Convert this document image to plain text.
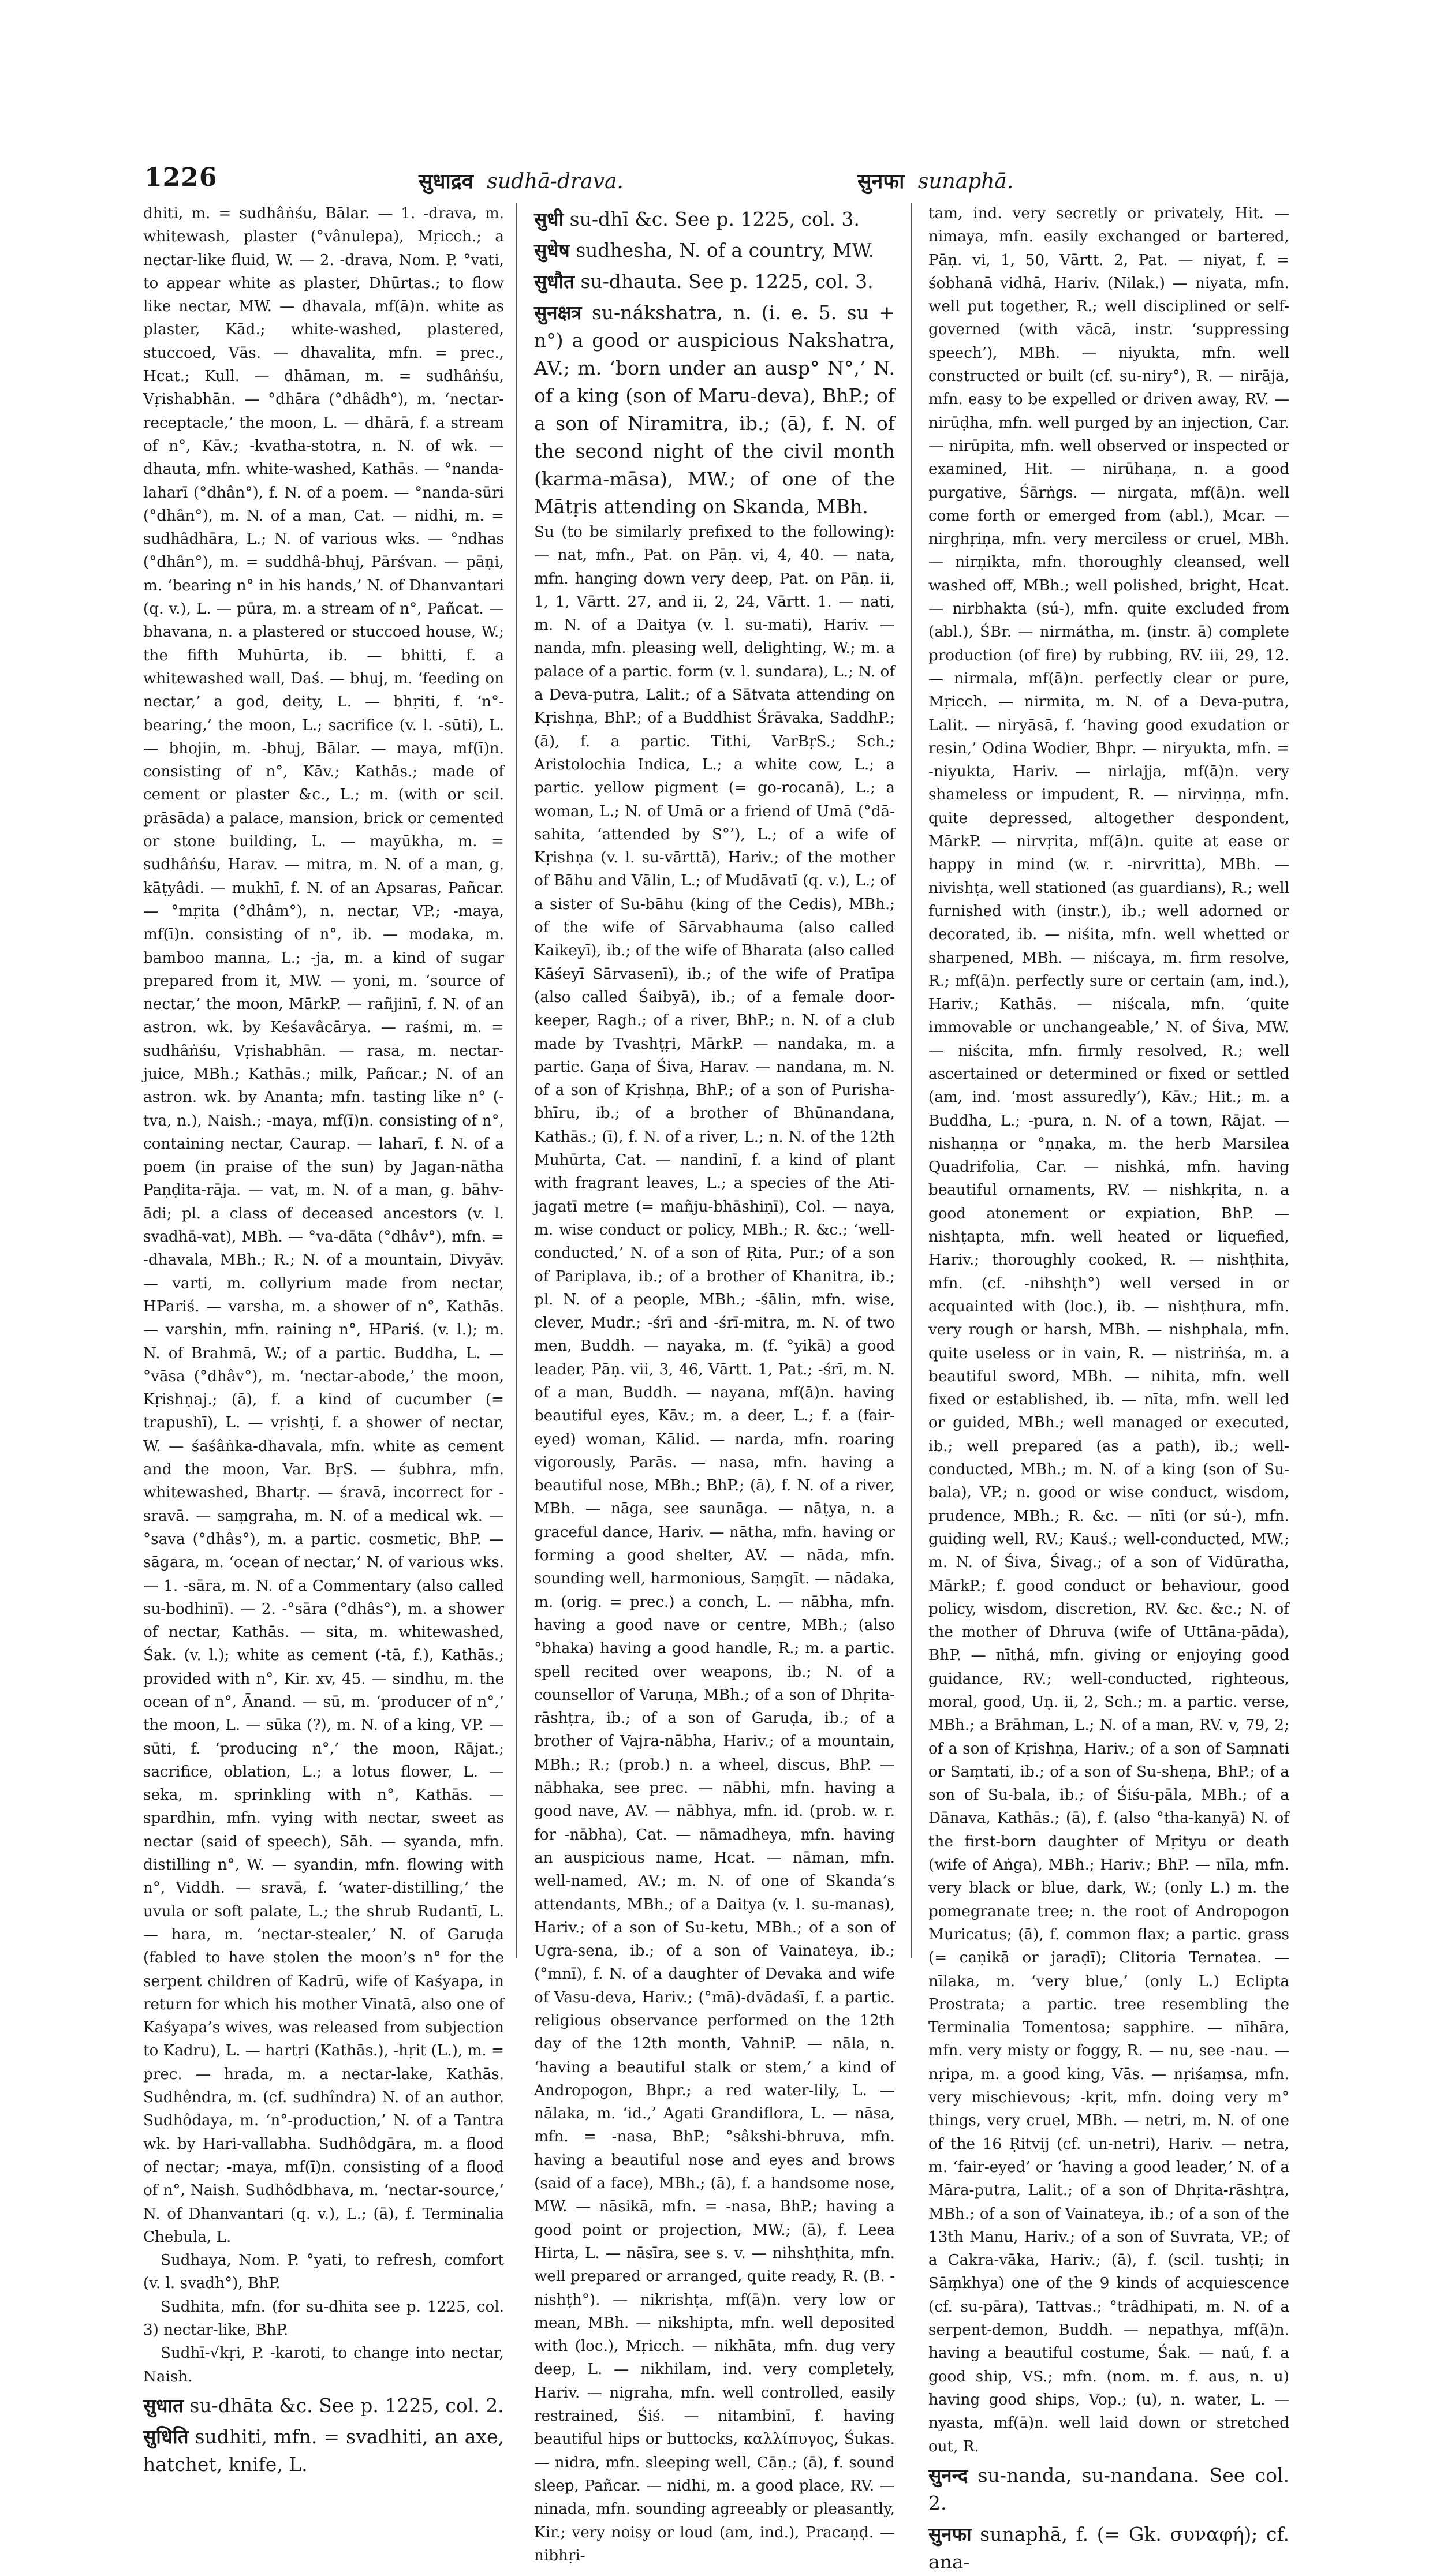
1226	सुधाद्रव sudhā-drava.	सुनफा sunaphā.

dhiti, m. = sudhâṅśu, Bālar. — 1. -drava, m. whitewash, plaster (°vânulepa), Mṛicch.; a nectar-like fluid, W. — 2. -drava, Nom. P. °vati, to appear white as plaster, Dhūrtas.; to flow like nectar, MW. — dhavala, mf(ā)n. white as plaster, Kād.; white-washed, plastered, stuccoed, Vās. — dhavalita, mfn. = prec., Hcat.; Kull. — dhāman, m. = sudhâṅśu, Vṛishabhān. — °dhāra (°dhâdh°), m. ‘nectar-receptacle,’ the moon, L. — dhārā, f. a stream of n°, Kāv.; -kvatha-stotra, n. N. of wk. — dhauta, mfn. white-washed, Kathās. — °nanda-laharī (°dhân°), f. N. of a poem. — °nanda-sūri (°dhân°), m. N. of a man, Cat. — nidhi, m. = sudhâdhāra, L.; N. of various wks. — °ndhas (°dhân°), m. = suddhâ-bhuj, Pārśvan. — pāṇi, m. ‘bearing n° in his hands,’ N. of Dhanvantari (q. v.), L. — pūra, m. a stream of n°, Pañcat. — bhavana, n. a plastered or stuccoed house, W.; the fifth Muhūrta, ib. — bhitti, f. a whitewashed wall, Daś. — bhuj, m. ‘feeding on nectar,’ a god, deity, L. — bhṛiti, f. ‘n°-bearing,’ the moon, L.; sacrifice (v. l. -sūti), L. — bhojin, m. -bhuj, Bālar. — maya, mf(ī)n. consisting of n°, Kāv.; Kathās.; made of cement or plaster &c., L.; m. (with or scil. prāsāda) a palace, mansion, brick or cemented or stone building, L. — mayūkha, m. = sudhâṅśu, Harav. — mitra, m. N. of a man, g. kāṭyâdi. — mukhī, f. N. of an Apsaras, Pañcar. — °mṛita (°dhâm°), n. nectar, VP.; -maya, mf(ī)n. consisting of n°, ib. — modaka, m. bamboo manna, L.; -ja, m. a kind of sugar prepared from it, MW. — yoni, m. ‘source of nectar,’ the moon, MārkP. — rañjinī, f. N. of an astron. wk. by Keśavâcārya. — raśmi, m. = sudhâṅśu, Vṛishabhān. — rasa, m. nectar-juice, MBh.; Kathās.; milk, Pañcar.; N. of an astron. wk. by Ananta; mfn. tasting like n° (-tva, n.), Naish.; -maya, mf(ī)n. consisting of n°, containing nectar, Caurap. — laharī, f. N. of a poem (in praise of the sun) by Jagan-nātha Paṇḍita-rāja. — vat, m. N. of a man, g. bāhv-ādi; pl. a class of deceased ancestors (v. l. svadhā-vat), MBh. — °va-dāta (°dhâv°), mfn. = -dhavala, MBh.; R.; N. of a mountain, Divyāv. — varti, m. collyrium made from nectar, HPariś. — varsha, m. a shower of n°, Kathās. — varshin, mfn. raining n°, HPariś. (v. l.); m. N. of Brahmā, W.; of a partic. Buddha, L. — °vāsa (°dhâv°), m. ‘nectar-abode,’ the moon, Kṛishṇaj.; (ā), f. a kind of cucumber (= trapushī), L. — vṛishṭi, f. a shower of nectar, W. — śaśâṅka-dhavala, mfn. white as cement and the moon, Var. BṛS. — śubhra, mfn. whitewashed, Bhartṛ. — śravā, incorrect for -sravā. — saṃgraha, m. N. of a medical wk. — °sava (°dhâs°), m. a partic. cosmetic, BhP. — sāgara, m. ‘ocean of nectar,’ N. of various wks. — 1. -sāra, m. N. of a Commentary (also called su-bodhinī). — 2. -°sāra (°dhâs°), m. a shower of nectar, Kathās. — sita, m. whitewashed, Śak. (v. l.); white as cement (-tā, f.), Kathās.; provided with n°, Kir. xv, 45. — sindhu, m. the ocean of n°, Ānand. — sū, m. ‘producer of n°,’ the moon, L. — sūka (?), m. N. of a king, VP. — sūti, f. ‘producing n°,’ the moon, Rājat.; sacrifice, oblation, L.; a lotus flower, L. — seka, m. sprinkling with n°, Kathās. — spardhin, mfn. vying with nectar, sweet as nectar (said of speech), Sāh. — syanda, mfn. distilling n°, W. — syandin, mfn. flowing with n°, Viddh. — sravā, f. ‘water-distilling,’ the uvula or soft palate, L.; the shrub Rudantī, L. — hara, m. ‘nectar-stealer,’ N. of Garuḍa (fabled to have stolen the moon’s n° for the serpent children of Kadrū, wife of Kaśyapa, in return for which his mother Vinatā, also one of Kaśyapa’s wives, was released from subjection to Kadru), L. — hartṛi (Kathās.), -hṛit (L.), m. = prec. — hrada, m. a nectar-lake, Kathās. Sudhêndra, m. (cf. sudhîndra) N. of an author. Sudhôdaya, m. ‘n°-production,’ N. of a Tantra wk. by Hari-vallabha. Sudhôdgāra, m. a flood of nectar; -maya, mf(ī)n. consisting of a flood of n°, Naish. Sudhôdbhava, m. ‘nectar-source,’ N. of Dhanvantari (q. v.), L.; (ā), f. Terminalia Chebula, L.

Sudhaya, Nom. P. °yati, to refresh, comfort (v. l. svadh°), BhP.

Sudhita, mfn. (for su-dhita see p. 1225, col. 3) nectar-like, BhP.

Sudhī-√kṛi, P. -karoti, to change into nectar, Naish.

सुधात su-dhāta &c. See p. 1225, col. 2.

सुधिति sudhiti, mfn. = svadhiti, an axe, hatchet, knife, L.

सुधी su-dhī &c. See p. 1225, col. 3.

सुधेष sudhesha, N. of a country, MW.

सुधौत su-dhauta. See p. 1225, col. 3.

सुनक्षत्र su-nákshatra, n. (i. e. 5. su + n°) a good or auspicious Nakshatra, AV.; m. ‘born under an ausp° N°,’ N. of a king (son of Maru-deva), BhP.; of a son of Niramitra, ib.; (ā), f. N. of the second night of the civil month (karma-māsa), MW.; of one of the Mātṛis attending on Skanda, MBh.

Su (to be similarly prefixed to the following): — nat, mfn., Pat. on Pāṇ. vi, 4, 40. — nata, mfn. hanging down very deep, Pat. on Pāṇ. ii, 1, 1, Vārtt. 27, and ii, 2, 24, Vārtt. 1. — nati, m. N. of a Daitya (v. l. su-mati), Hariv. — nanda, mfn. pleasing well, delighting, W.; m. a palace of a partic. form (v. l. sundara), L.; N. of a Deva-putra, Lalit.; of a Sātvata attending on Kṛishṇa, BhP.; of a Buddhist Śrāvaka, SaddhP.; (ā), f. a partic. Tithi, VarBṛS.; Sch.; Aristolochia Indica, L.; a white cow, L.; a partic. yellow pigment (= go-rocanā), L.; a woman, L.; N. of Umā or a friend of Umā (°dā-sahita, ‘attended by S°’), L.; of a wife of Kṛishṇa (v. l. su-vārttā), Hariv.; of the mother of Bāhu and Vālin, L.; of Mudāvatī (q. v.), L.; of a sister of Su-bāhu (king of the Cedis), MBh.; of the wife of Sārvabhauma (also called Kaikeyī), ib.; of the wife of Bharata (also called Kāśeyī Sārvasenī), ib.; of the wife of Pratīpa (also called Śaibyā), ib.; of a female door-keeper, Ragh.; of a river, BhP.; n. N. of a club made by Tvashṭṛi, MārkP. — nandaka, m. a partic. Gaṇa of Śiva, Harav. — nandana, m. N. of a son of Kṛishṇa, BhP.; of a son of Purisha-bhīru, ib.; of a brother of Bhūnandana, Kathās.; (ī), f. N. of a river, L.; n. N. of the 12th Muhūrta, Cat. — nandinī, f. a kind of plant with fragrant leaves, L.; a species of the Ati-jagatī metre (= mañju-bhāshiṇī), Col. — naya, m. wise conduct or policy, MBh.; R. &c.; ‘well-conducted,’ N. of a son of Ṛita, Pur.; of a son of Pariplava, ib.; of a brother of Khanitra, ib.; pl. N. of a people, MBh.; -śālin, mfn. wise, clever, Mudr.; -śrī and -śrī-mitra, m. N. of two men, Buddh. — nayaka, m. (f. °yikā) a good leader, Pāṇ. vii, 3, 46, Vārtt. 1, Pat.; -śrī, m. N. of a man, Buddh. — nayana, mf(ā)n. having beautiful eyes, Kāv.; m. a deer, L.; f. a (fair-eyed) woman, Kālid. — narda, mfn. roaring vigorously, Parās. — nasa, mfn. having a beautiful nose, MBh.; BhP.; (ā), f. N. of a river, MBh. — nāga, see saunāga. — nāṭya, n. a graceful dance, Hariv. — nātha, mfn. having or forming a good shelter, AV. — nāda, mfn. sounding well, harmonious, Saṃgīt. — nādaka, m. (orig. = prec.) a conch, L. — nābha, mfn. having a good nave or centre, MBh.; (also °bhaka) having a good handle, R.; m. a partic. spell recited over weapons, ib.; N. of a counsellor of Varuṇa, MBh.; of a son of Dhṛita-rāshṭra, ib.; of a son of Garuḍa, ib.; of a brother of Vajra-nābha, Hariv.; of a mountain, MBh.; R.; (prob.) n. a wheel, discus, BhP. — nābhaka, see prec. — nābhi, mfn. having a good nave, AV. — nābhya, mfn. id. (prob. w. r. for -nābha), Cat. — nāmadheya, mfn. having an auspicious name, Hcat. — nāman, mfn. well-named, AV.; m. N. of one of Skanda’s attendants, MBh.; of a Daitya (v. l. su-manas), Hariv.; of a son of Su-ketu, MBh.; of a son of Ugra-sena, ib.; of a son of Vainateya, ib.; (°mnī), f. N. of a daughter of Devaka and wife of Vasu-deva, Hariv.; (°mā)-dvādaśī, f. a partic. religious observance performed on the 12th day of the 12th month, VahniP. — nāla, n. ‘having a beautiful stalk or stem,’ a kind of Andropogon, Bhpr.; a red water-lily, L. — nālaka, m. ‘id.,’ Agati Grandiflora, L. — nāsa, mfn. = -nasa, BhP.; °sâkshi-bhruva, mfn. having a beautiful nose and eyes and brows (said of a face), MBh.; (ā), f. a handsome nose, MW. — nāsikā, mfn. = -nasa, BhP.; having a good point or projection, MW.; (ā), f. Leea Hirta, L. — nāsīra, see s. v. — nihshṭhita, mfn. well prepared or arranged, quite ready, R. (B. -nishṭh°). — nikrishṭa, mf(ā)n. very low or mean, MBh. — nikshipta, mfn. well deposited with (loc.), Mṛicch. — nikhāta, mfn. dug very deep, L. — nikhilam, ind. very completely, Hariv. — nigraha, mfn. well controlled, easily restrained, Śiś. — nitambinī, f. having beautiful hips or buttocks, καλλίπυγος, Śukas. — nidra, mfn. sleeping well, Cāṇ.; (ā), f. sound sleep, Pañcar. — nidhi, m. a good place, RV. — ninada, mfn. sounding agreeably or pleasantly, Kir.; very noisy or loud (am, ind.), Pracaṇḍ. — nibhṛi-

tam, ind. very secretly or privately, Hit. — nimaya, mfn. easily exchanged or bartered, Pāṇ. vi, 1, 50, Vārtt. 2, Pat. — niyat, f. = śobhanā vidhā, Hariv. (Nilak.) — niyata, mfn. well put together, R.; well disciplined or self-governed (with vācā, instr. ‘suppressing speech’), MBh. — niyukta, mfn. well constructed or built (cf. su-niry°), R. — nirāja, mfn. easy to be expelled or driven away, RV. — nirūḍha, mfn. well purged by an injection, Car. — nirūpita, mfn. well observed or inspected or examined, Hit. — nirūhaṇa, n. a good purgative, Śārṅgs. — nirgata, mf(ā)n. well come forth or emerged from (abl.), Mcar. — nirghṛiṇa, mfn. very merciless or cruel, MBh. — nirṇikta, mfn. thoroughly cleansed, well washed off, MBh.; well polished, bright, Hcat. — nirbhakta (sú-), mfn. quite excluded from (abl.), ŚBr. — nirmátha, m. (instr. ā) complete production (of fire) by rubbing, RV. iii, 29, 12. — nirmala, mf(ā)n. perfectly clear or pure, Mṛicch. — nirmita, m. N. of a Deva-putra, Lalit. — niryāsā, f. ‘having good exudation or resin,’ Odina Wodier, Bhpr. — niryukta, mfn. = -niyukta, Hariv. — nirlajja, mf(ā)n. very shameless or impudent, R. — nirviṇṇa, mfn. quite depressed, altogether despondent, MārkP. — nirvṛita, mf(ā)n. quite at ease or happy in mind (w. r. -nirvritta), MBh. — nivishṭa, well stationed (as guardians), R.; well furnished with (instr.), ib.; well adorned or decorated, ib. — niśita, mfn. well whetted or sharpened, MBh. — niścaya, m. firm resolve, R.; mf(ā)n. perfectly sure or certain (am, ind.), Hariv.; Kathās. — niścala, mfn. ‘quite immovable or unchangeable,’ N. of Śiva, MW. — niścita, mfn. firmly resolved, R.; well ascertained or determined or fixed or settled (am, ind. ‘most assuredly’), Kāv.; Hit.; m. a Buddha, L.; -pura, n. N. of a town, Rājat. — nishaṇṇa or °ṇṇaka, m. the herb Marsilea Quadrifolia, Car. — nishká, mfn. having beautiful ornaments, RV. — nishkṛita, n. a good atonement or expiation, BhP. — nishṭapta, mfn. well heated or liquefied, Hariv.; thoroughly cooked, R. — nishṭhita, mfn. (cf. -nihshṭh°) well versed in or acquainted with (loc.), ib. — nishṭhura, mfn. very rough or harsh, MBh. — nishphala, mfn. quite useless or in vain, R. — nistriṅśa, m. a beautiful sword, MBh. — nihita, mfn. well fixed or established, ib. — nīta, mfn. well led or guided, MBh.; well managed or executed, ib.; well prepared (as a path), ib.; well-conducted, MBh.; m. N. of a king (son of Su-bala), VP.; n. good or wise conduct, wisdom, prudence, MBh.; R. &c. — nīti (or sú-), mfn. guiding well, RV.; Kauś.; well-conducted, MW.; m. N. of Śiva, Śivag.; of a son of Vidūratha, MārkP.; f. good conduct or behaviour, good policy, wisdom, discretion, RV. &c. &c.; N. of the mother of Dhruva (wife of Uttāna-pāda), BhP. — nīthá, mfn. giving or enjoying good guidance, RV.; well-conducted, righteous, moral, good, Uṇ. ii, 2, Sch.; m. a partic. verse, MBh.; a Brāhman, L.; N. of a man, RV. v, 79, 2; of a son of Kṛishṇa, Hariv.; of a son of Saṃnati or Saṃtati, ib.; of a son of Su-sheṇa, BhP.; of a son of Su-bala, ib.; of Śiśu-pāla, MBh.; of a Dānava, Kathās.; (ā), f. (also °tha-kanyā) N. of the first-born daughter of Mṛityu or death (wife of Aṅga), MBh.; Hariv.; BhP. — nīla, mfn. very black or blue, dark, W.; (only L.) m. the pomegranate tree; n. the root of Andropogon Muricatus; (ā), f. common flax; a partic. grass (= caṇikā or jaraḍī); Clitoria Ternatea. — nīlaka, m. ‘very blue,’ (only L.) Eclipta Prostrata; a partic. tree resembling the Terminalia Tomentosa; sapphire. — nīhāra, mfn. very misty or foggy, R. — nu, see -nau. — nṛipa, m. a good king, Vās. — nṛiśaṃsa, mfn. very mischievous; -kṛit, mfn. doing very m° things, very cruel, MBh. — netri, m. N. of one of the 16 Ṛitvij (cf. un-netri), Hariv. — netra, m. ‘fair-eyed’ or ‘having a good leader,’ N. of a Māra-putra, Lalit.; of a son of Dhṛita-rāshṭra, MBh.; of a son of Vainateya, ib.; of a son of the 13th Manu, Hariv.; of a son of Suvrata, VP.; of a Cakra-vāka, Hariv.; (ā), f. (scil. tushṭi; in Sāṃkhya) one of the 9 kinds of acquiescence (cf. su-pāra), Tattvas.; °trâdhipati, m. N. of a serpent-demon, Buddh. — nepathya, mf(ā)n. having a beautiful costume, Śak. — naú, f. a good ship, VS.; mfn. (nom. m. f. aus, n. u) having good ships, Vop.; (u), n. water, L. — nyasta, mf(ā)n. well laid down or stretched out, R.

सुनन्द su-nanda, su-nandana. See col. 2.

सुनफा sunaphā, f. (= Gk. συναφή); cf. ana-
